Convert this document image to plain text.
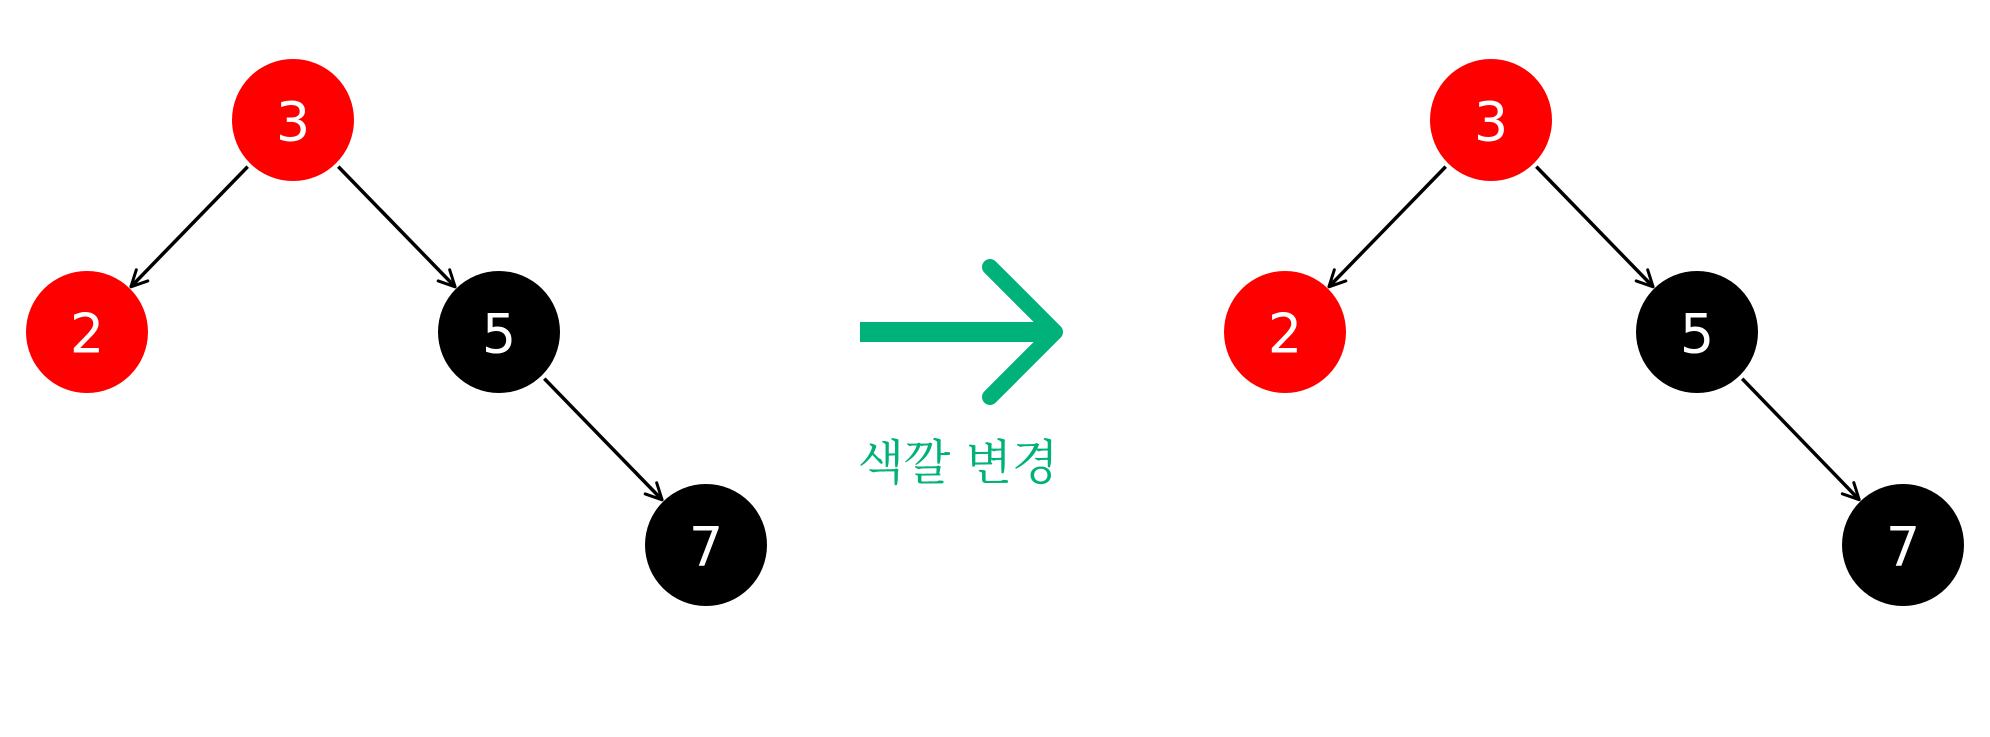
3
2	5
7
3
2	5
7
색깔 변경
